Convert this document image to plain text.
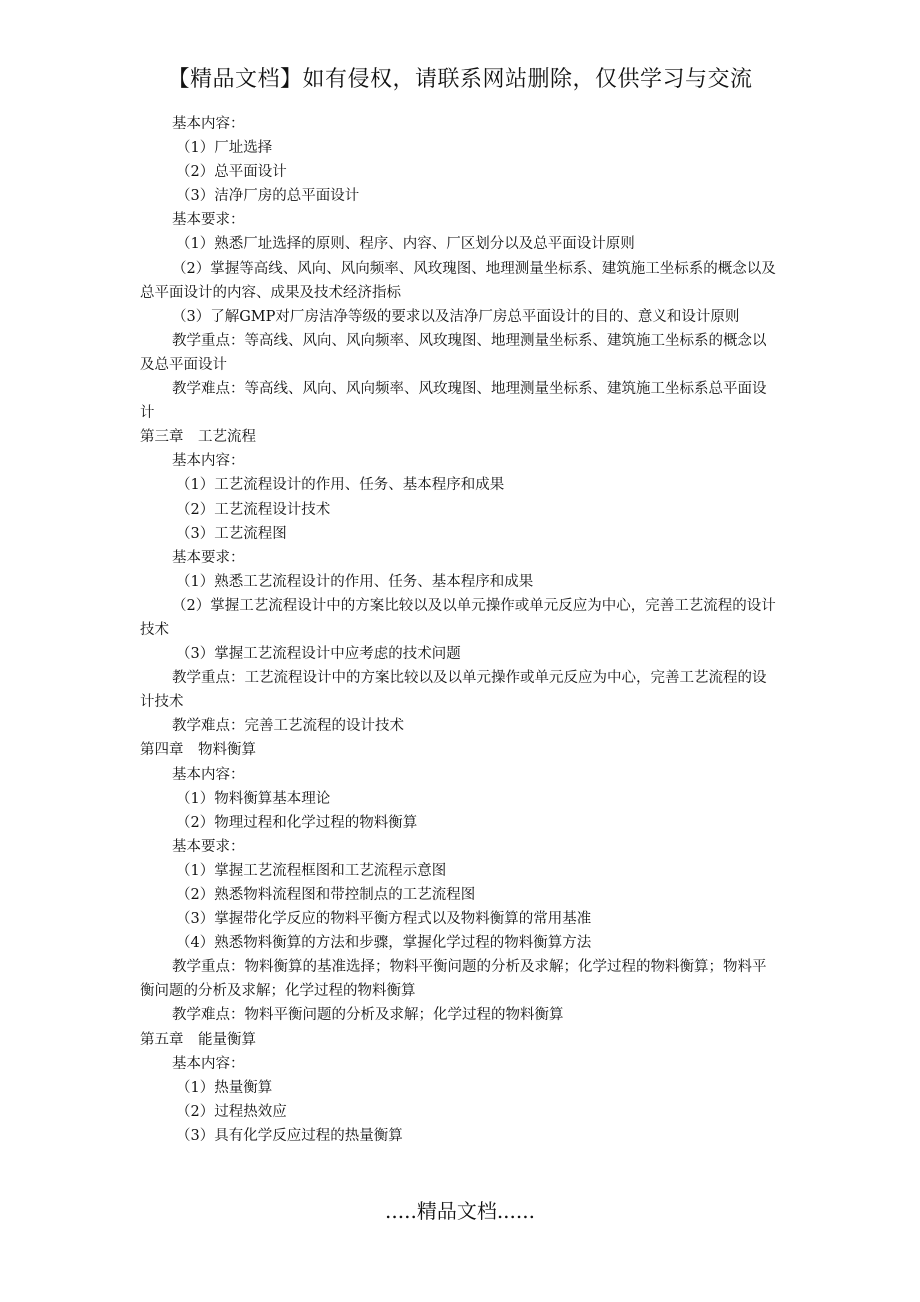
【精品文档】如有侵权，请联系网站删除，仅供学习与交流
基本内容：
（1）厂址选择
（2）总平面设计
（3）洁净厂房的总平面设计
基本要求：
（1）熟悉厂址选择的原则、程序、内容、厂区划分以及总平面设计原则
（2）掌握等高线、风向、风向频率、风玫瑰图、地理测量坐标系、建筑施工坐标系的概念以及总平面设计的内容、成果及技术经济指标
（3）了解GMP对厂房洁净等级的要求以及洁净厂房总平面设计的目的、意义和设计原则
教学重点：等高线、风向、风向频率、风玫瑰图、地理测量坐标系、建筑施工坐标系的概念以及总平面设计
教学难点：等高线、风向、风向频率、风玫瑰图、地理测量坐标系、建筑施工坐标系总平面设计
第三章　工艺流程
基本内容：
（1）工艺流程设计的作用、任务、基本程序和成果
（2）工艺流程设计技术
（3）工艺流程图
基本要求：
（1）熟悉工艺流程设计的作用、任务、基本程序和成果
（2）掌握工艺流程设计中的方案比较以及以单元操作或单元反应为中心，完善工艺流程的设计技术
（3）掌握工艺流程设计中应考虑的技术问题
教学重点：工艺流程设计中的方案比较以及以单元操作或单元反应为中心，完善工艺流程的设计技术
教学难点：完善工艺流程的设计技术
第四章　物料衡算
基本内容：
（1）物料衡算基本理论
（2）物理过程和化学过程的物料衡算
基本要求：
（1）掌握工艺流程框图和工艺流程示意图
（2）熟悉物料流程图和带控制点的工艺流程图
（3）掌握带化学反应的物料平衡方程式以及物料衡算的常用基准
（4）熟悉物料衡算的方法和步骤，掌握化学过程的物料衡算方法
教学重点：物料衡算的基准选择；物料平衡问题的分析及求解；化学过程的物料衡算；物料平衡问题的分析及求解；化学过程的物料衡算
教学难点：物料平衡问题的分析及求解；化学过程的物料衡算
第五章　能量衡算
基本内容：
（1）热量衡算
（2）过程热效应
（3）具有化学反应过程的热量衡算
.....精品文档......
